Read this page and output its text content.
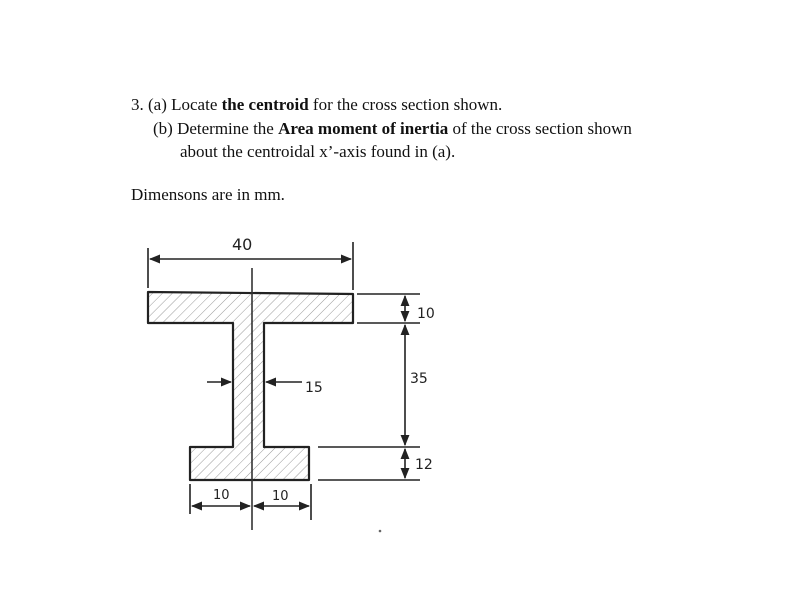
3. (a) Locate the centroid for the cross section shown.
(b) Determine the Area moment of inertia of the cross section shown
about the centroidal x’-axis found in (a).
Dimensons are in mm.
40
10
35
12
15
10	10
